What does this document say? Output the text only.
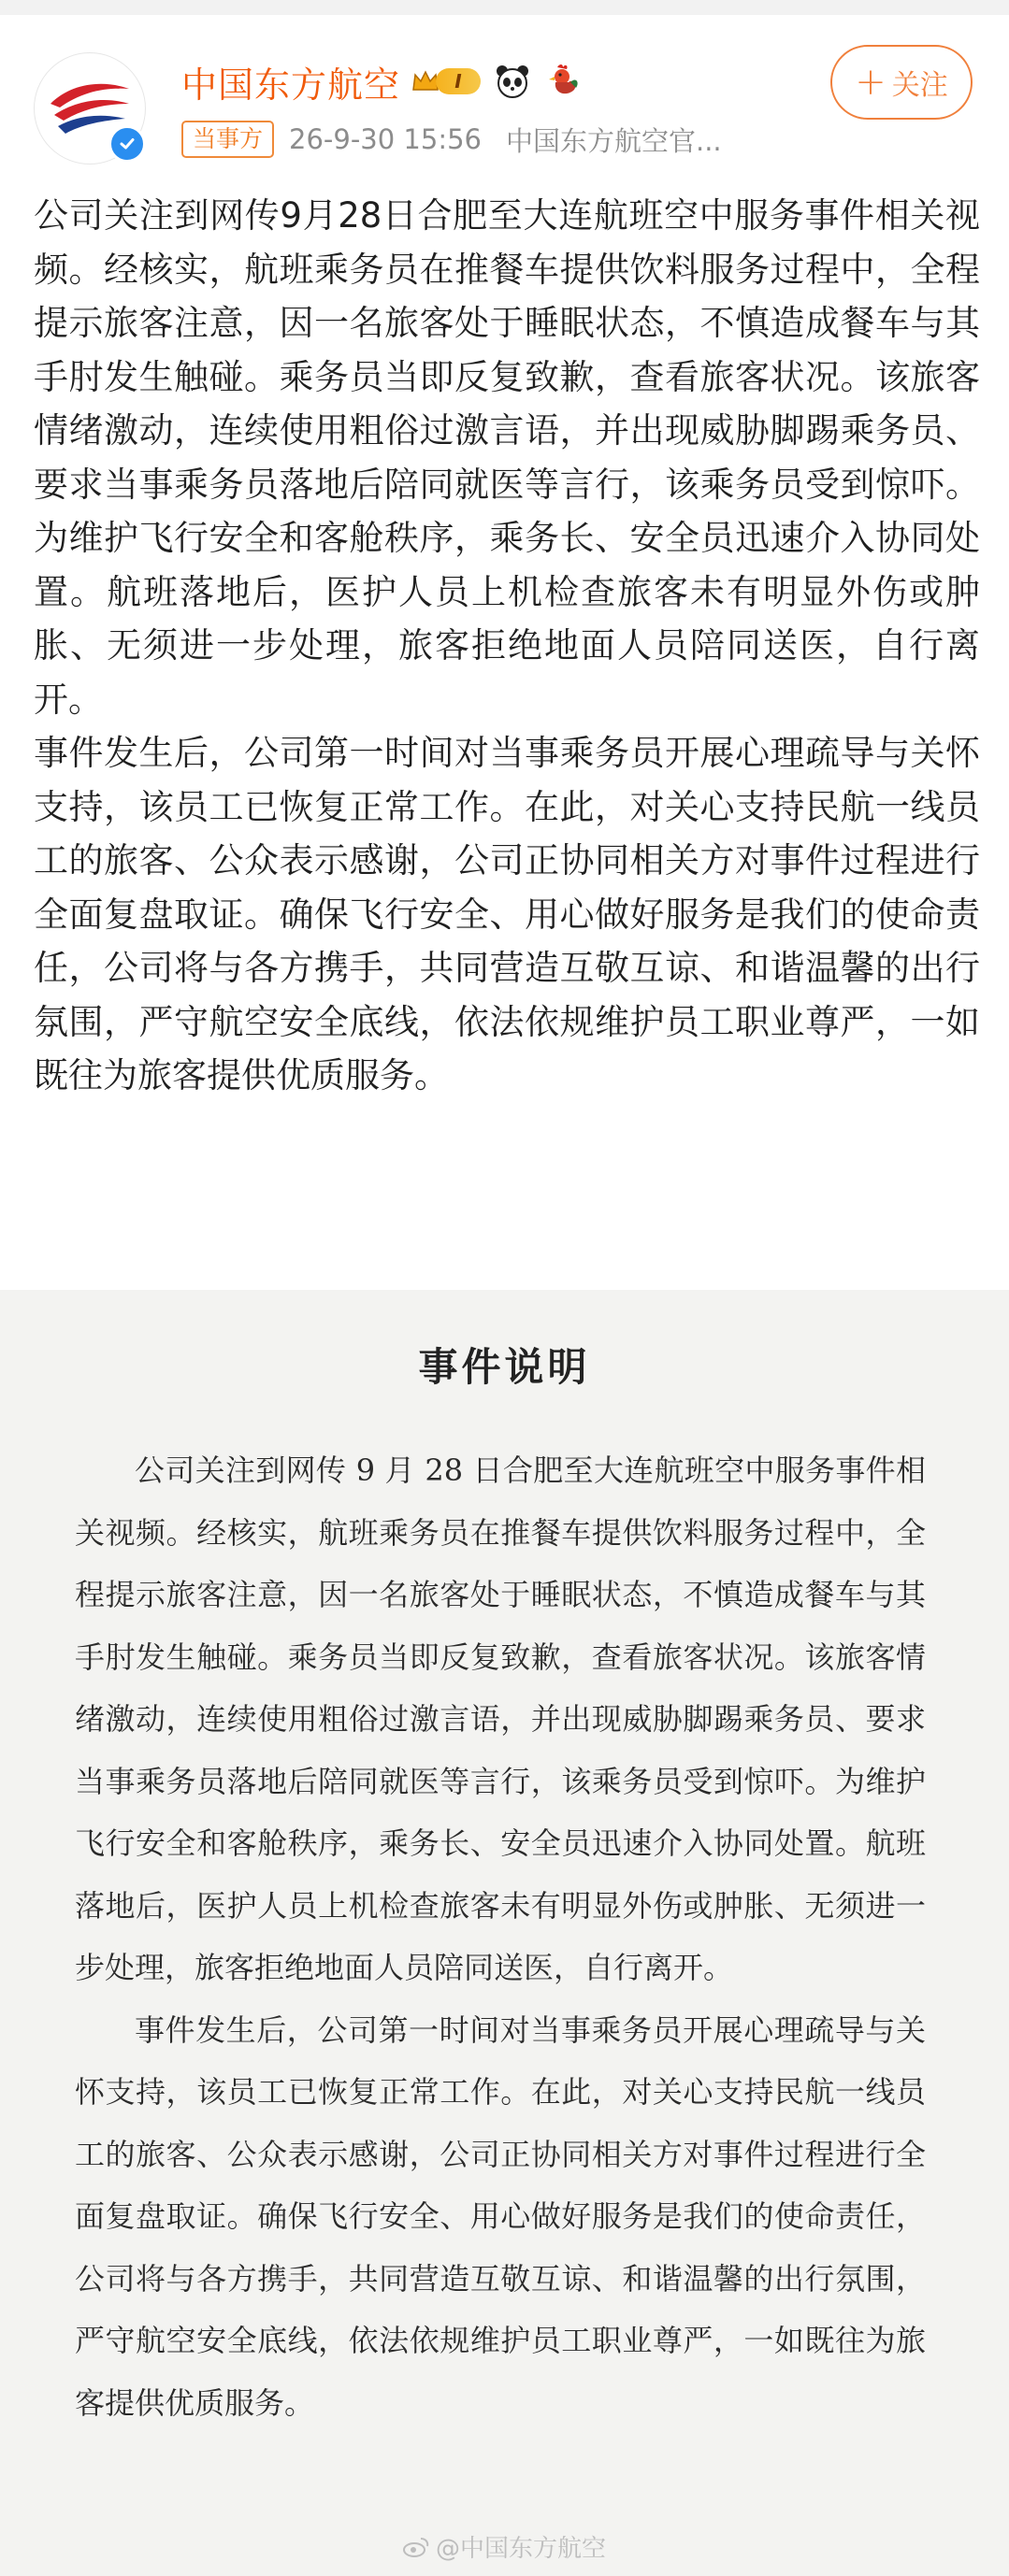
中国东方航空	I
当事方 26-9-30 15:56 中国东方航空官...
+ 关注

公司关注到网传9月28日合肥至大连航班空中服务事件相关视频。经核实，航班乘务员在推餐车提供饮料服务过程中，全程提示旅客注意，因一名旅客处于睡眠状态，不慎造成餐车与其手肘发生触碰。乘务员当即反复致歉，查看旅客状况。该旅客情绪激动，连续使用粗俗过激言语，并出现威胁脚踢乘务员、要求当事乘务员落地后陪同就医等言行，该乘务员受到惊吓。为维护飞行安全和客舱秩序，乘务长、安全员迅速介入协同处置。航班落地后，医护人员上机检查旅客未有明显外伤或肿胀、无须进一步处理，旅客拒绝地面人员陪同送医，自行离开。

事件发生后，公司第一时间对当事乘务员开展心理疏导与关怀支持，该员工已恢复正常工作。在此，对关心支持民航一线员工的旅客、公众表示感谢，公司正协同相关方对事件过程进行全面复盘取证。确保飞行安全、用心做好服务是我们的使命责任，公司将与各方携手，共同营造互敬互谅、和谐温馨的出行氛围，严守航空安全底线，依法依规维护员工职业尊严，一如既往为旅客提供优质服务。

事件说明

公司关注到网传 9 月 28 日合肥至大连航班空中服务事件相关视频。经核实，航班乘务员在推餐车提供饮料服务过程中，全程提示旅客注意，因一名旅客处于睡眠状态，不慎造成餐车与其手肘发生触碰。乘务员当即反复致歉，查看旅客状况。该旅客情绪激动，连续使用粗俗过激言语，并出现威胁脚踢乘务员、要求当事乘务员落地后陪同就医等言行，该乘务员受到惊吓。为维护飞行安全和客舱秩序，乘务长、安全员迅速介入协同处置。航班落地后，医护人员上机检查旅客未有明显外伤或肿胀、无须进一步处理，旅客拒绝地面人员陪同送医，自行离开。

事件发生后，公司第一时间对当事乘务员开展心理疏导与关怀支持，该员工已恢复正常工作。在此，对关心支持民航一线员工的旅客、公众表示感谢，公司正协同相关方对事件过程进行全面复盘取证。确保飞行安全、用心做好服务是我们的使命责任，公司将与各方携手，共同营造互敬互谅、和谐温馨的出行氛围，严守航空安全底线，依法依规维护员工职业尊严，一如既往为旅客提供优质服务。

@中国东方航空
